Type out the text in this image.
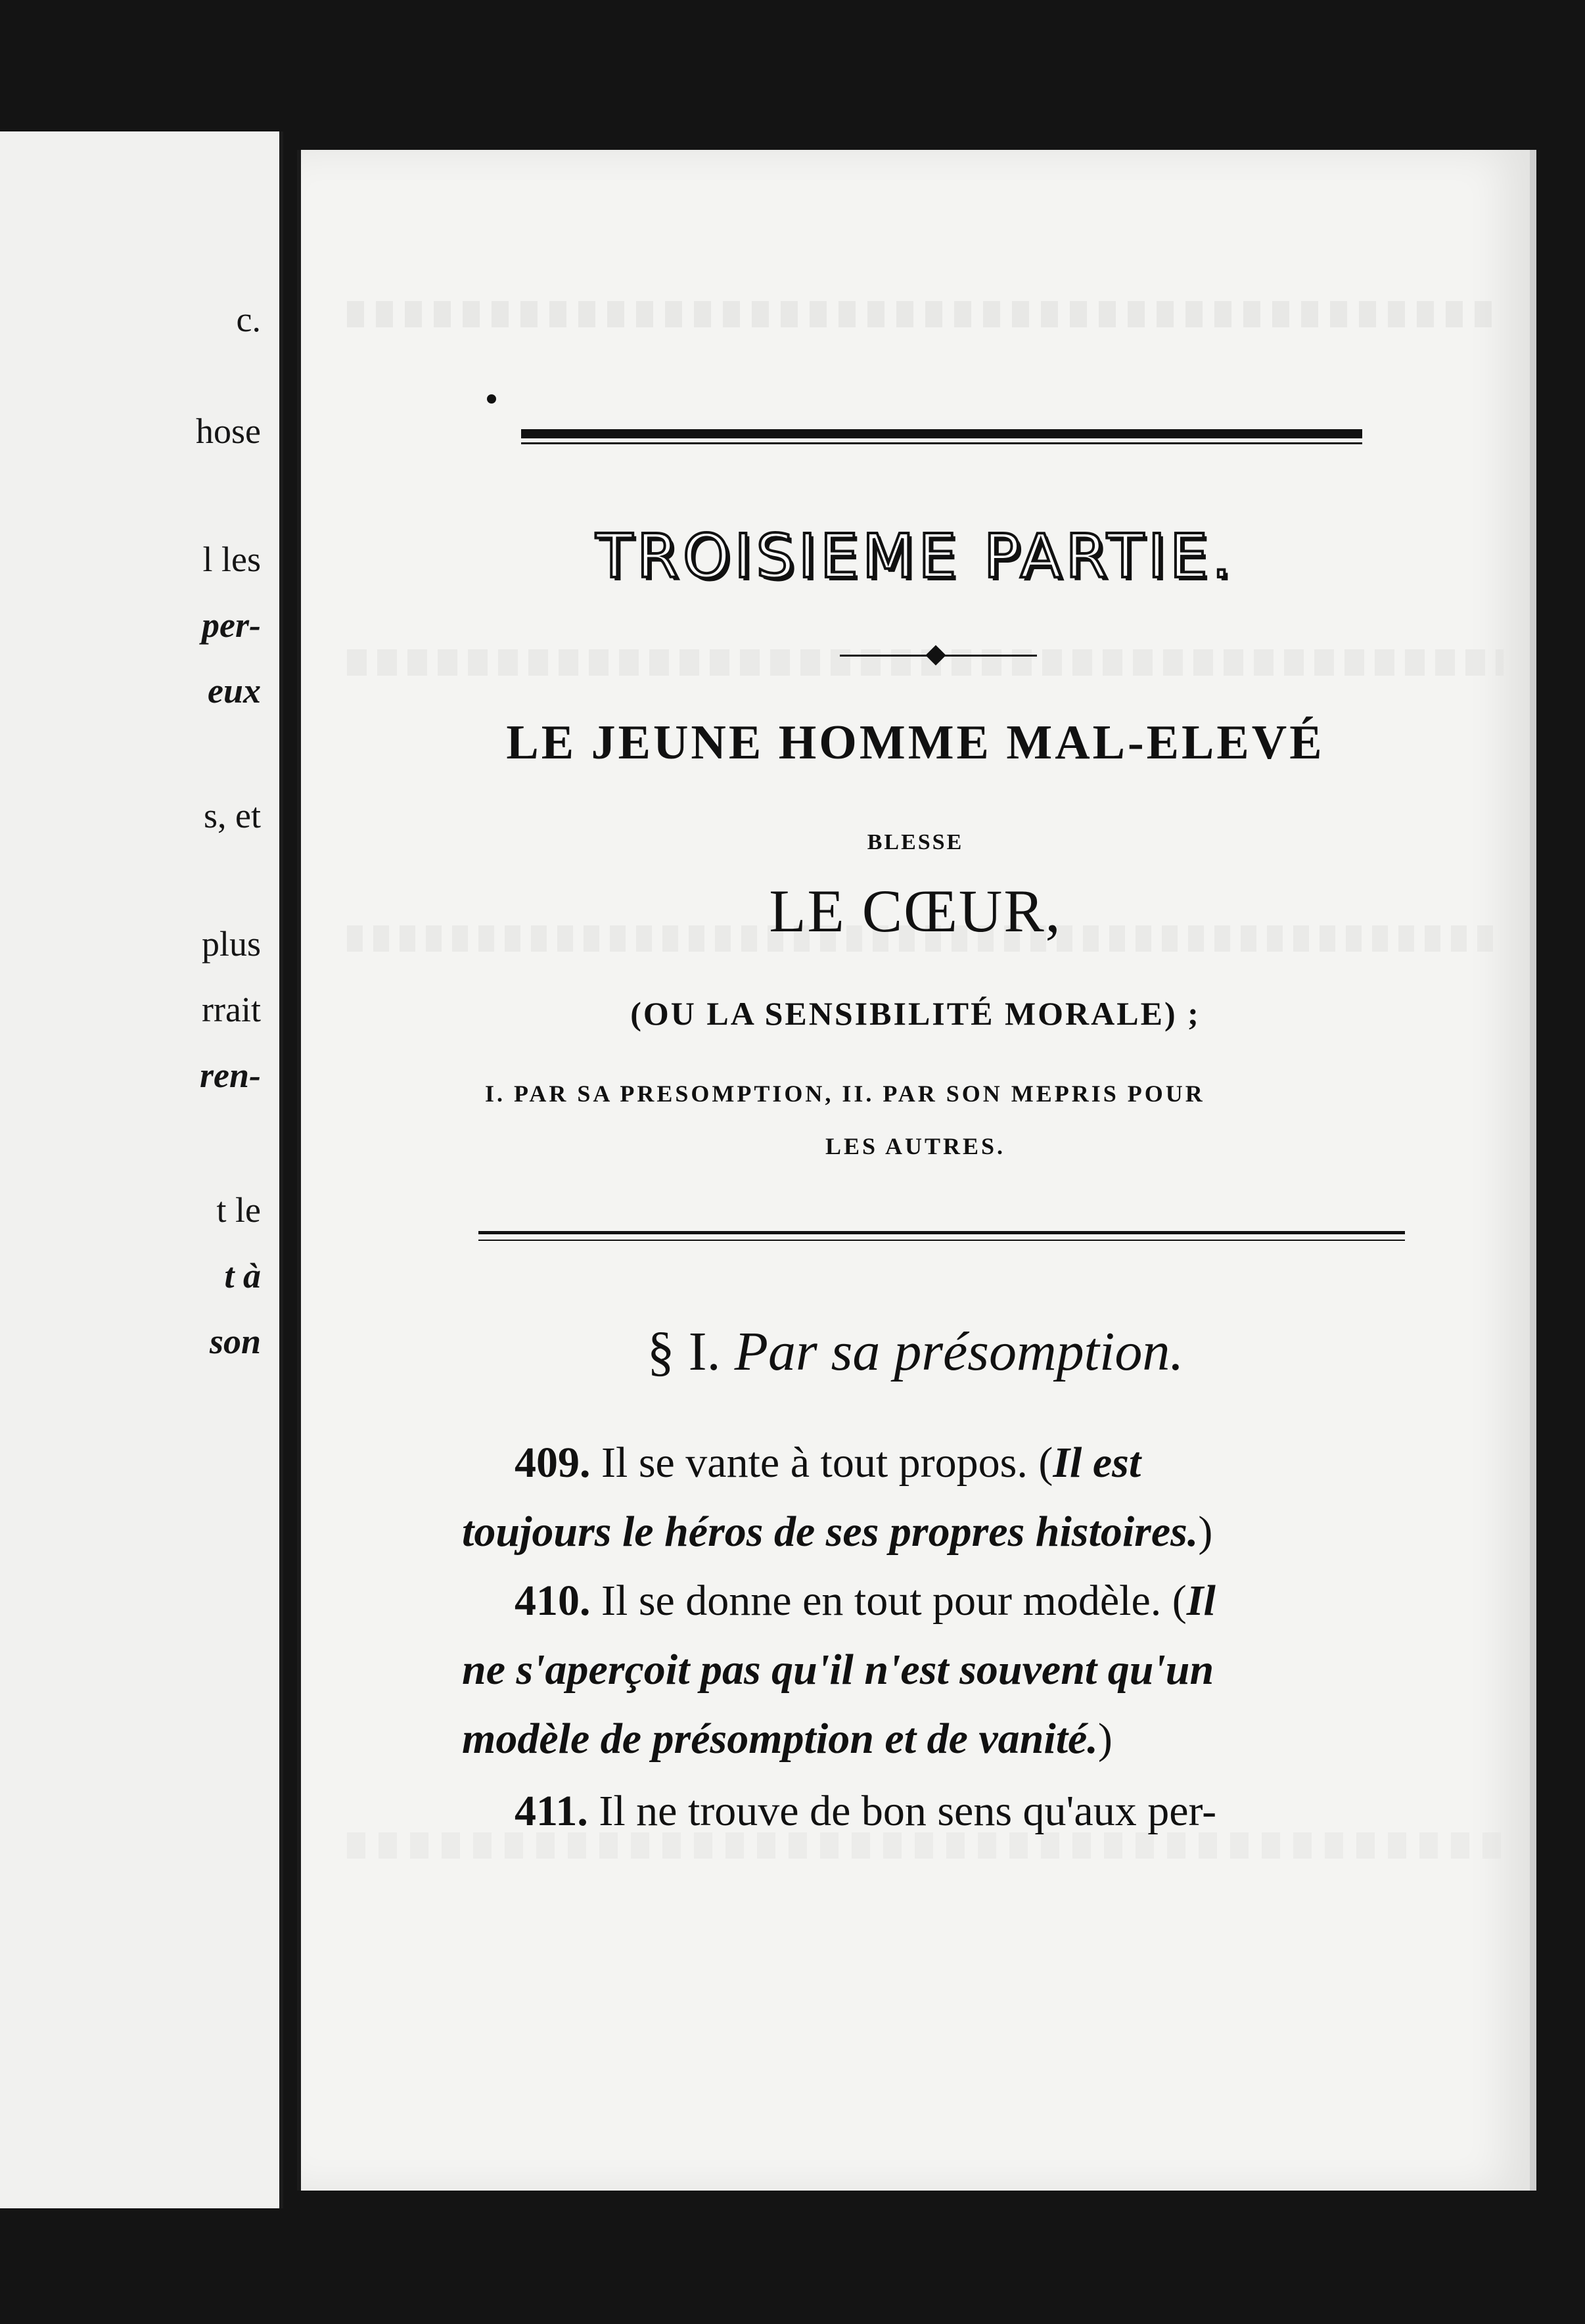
c.
hose
l les
per-
eux
s, et
plus
rrait
ren-
t le
t à
son
TROISIEME PARTIE.
LE JEUNE HOMME MAL-ELEVÉ
BLESSE
LE CŒUR,
(OU LA SENSIBILITÉ MORALE) ;
I. PAR SA PRESOMPTION, II. PAR SON MEPRIS POUR
LES AUTRES.
§ I. Par sa présomption.
409. Il se vante à tout propos. (Il est
toujours le héros de ses propres histoires.)
410. Il se donne en tout pour modèle. (Il
ne s'aperçoit pas qu'il n'est souvent qu'un
modèle de présomption et de vanité.)
411. Il ne trouve de bon sens qu'aux per-
